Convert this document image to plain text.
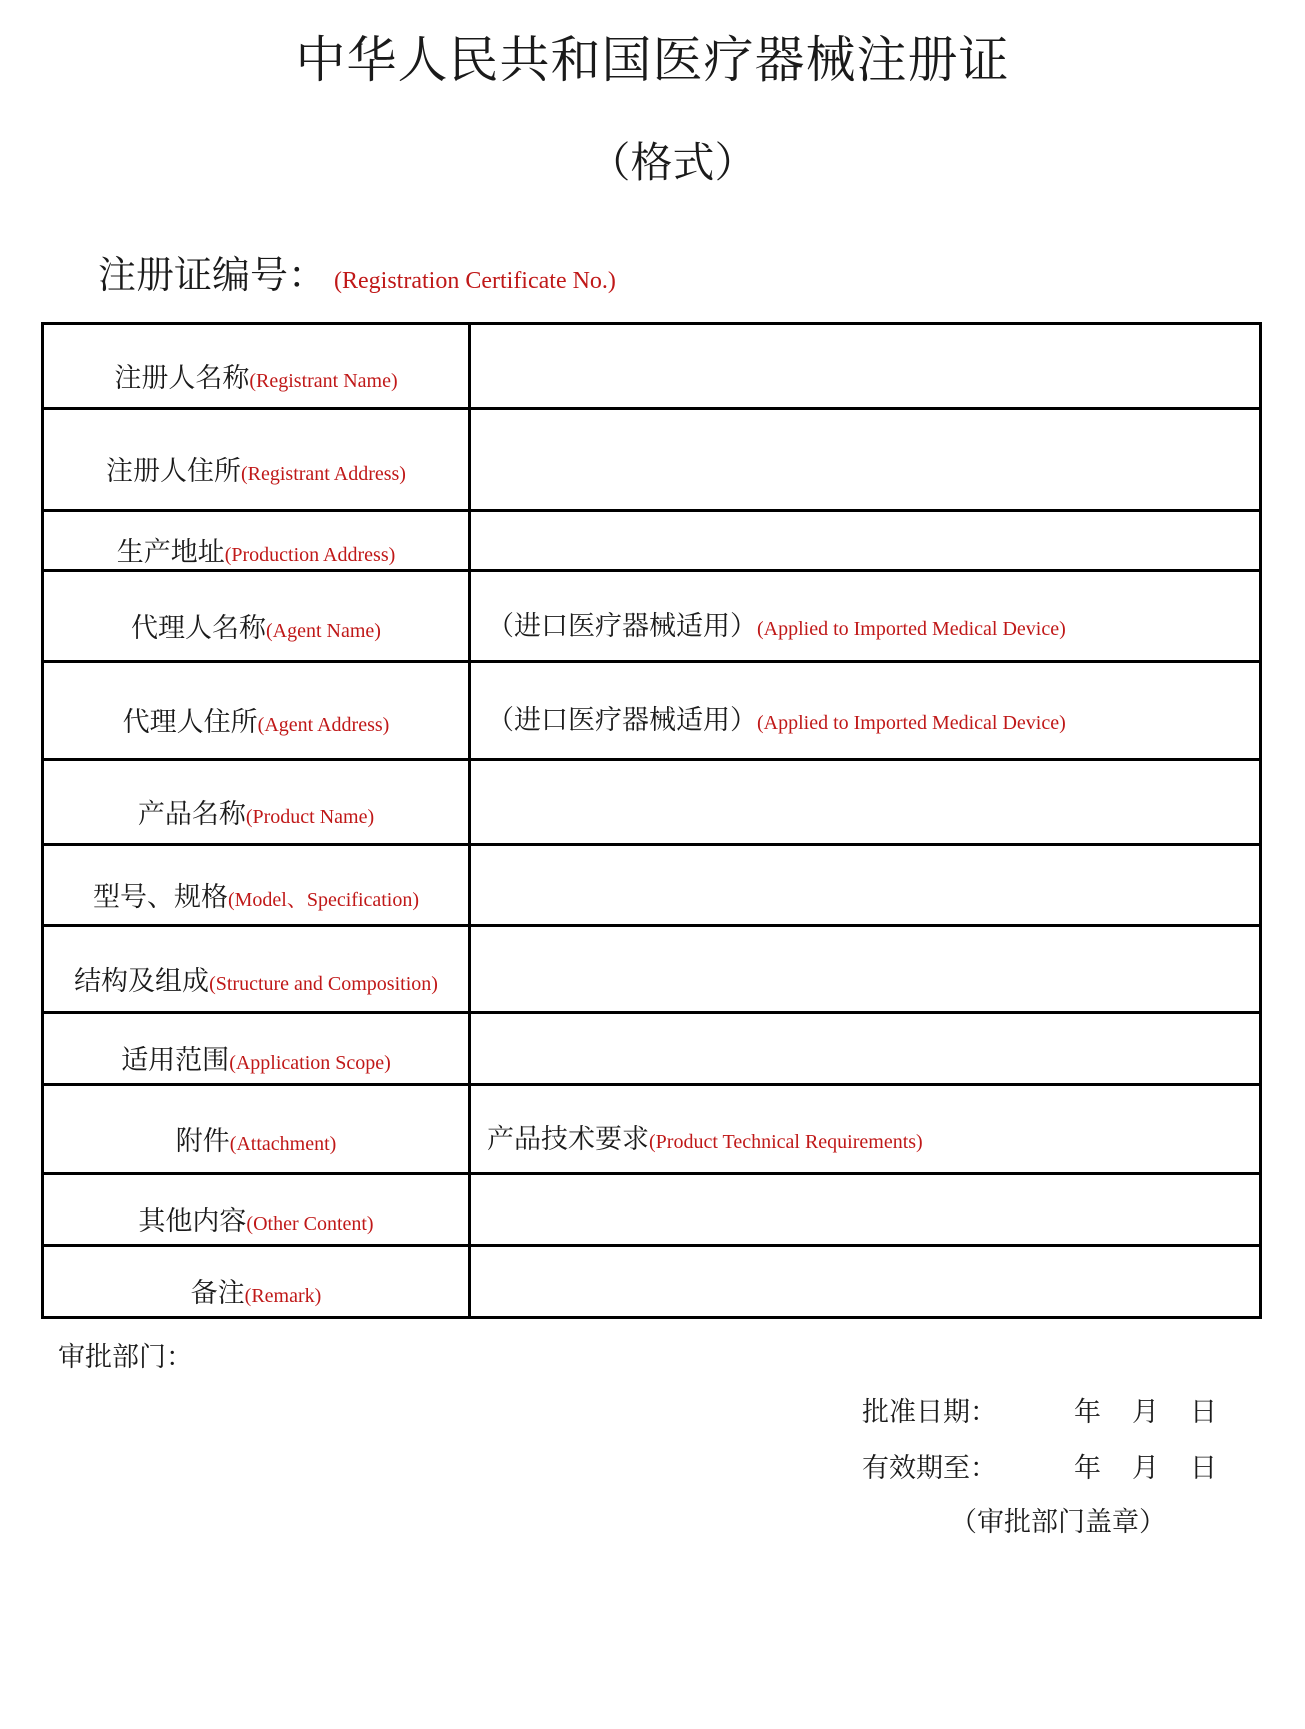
中华人民共和国医疗器械注册证
（格式）
注册证编号： (Registration Certificate No.)
注册人名称(Registrant Name)	
注册人住所(Registrant Address)	
生产地址(Production Address)	
代理人名称(Agent Name)	（进口医疗器械适用）(Applied to Imported Medical Device)
代理人住所(Agent Address)	（进口医疗器械适用）(Applied to Imported Medical Device)
产品名称(Product Name)	
型号、规格(Model、Specification)	
结构及组成(Structure and Composition)	
适用范围(Application Scope)	
附件(Attachment)	产品技术要求(Product Technical Requirements)
其他内容(Other Content)	
备注(Remark)	
审批部门：
批准日期：	年 月 日
有效期至：	年 月 日
（审批部门盖章）
